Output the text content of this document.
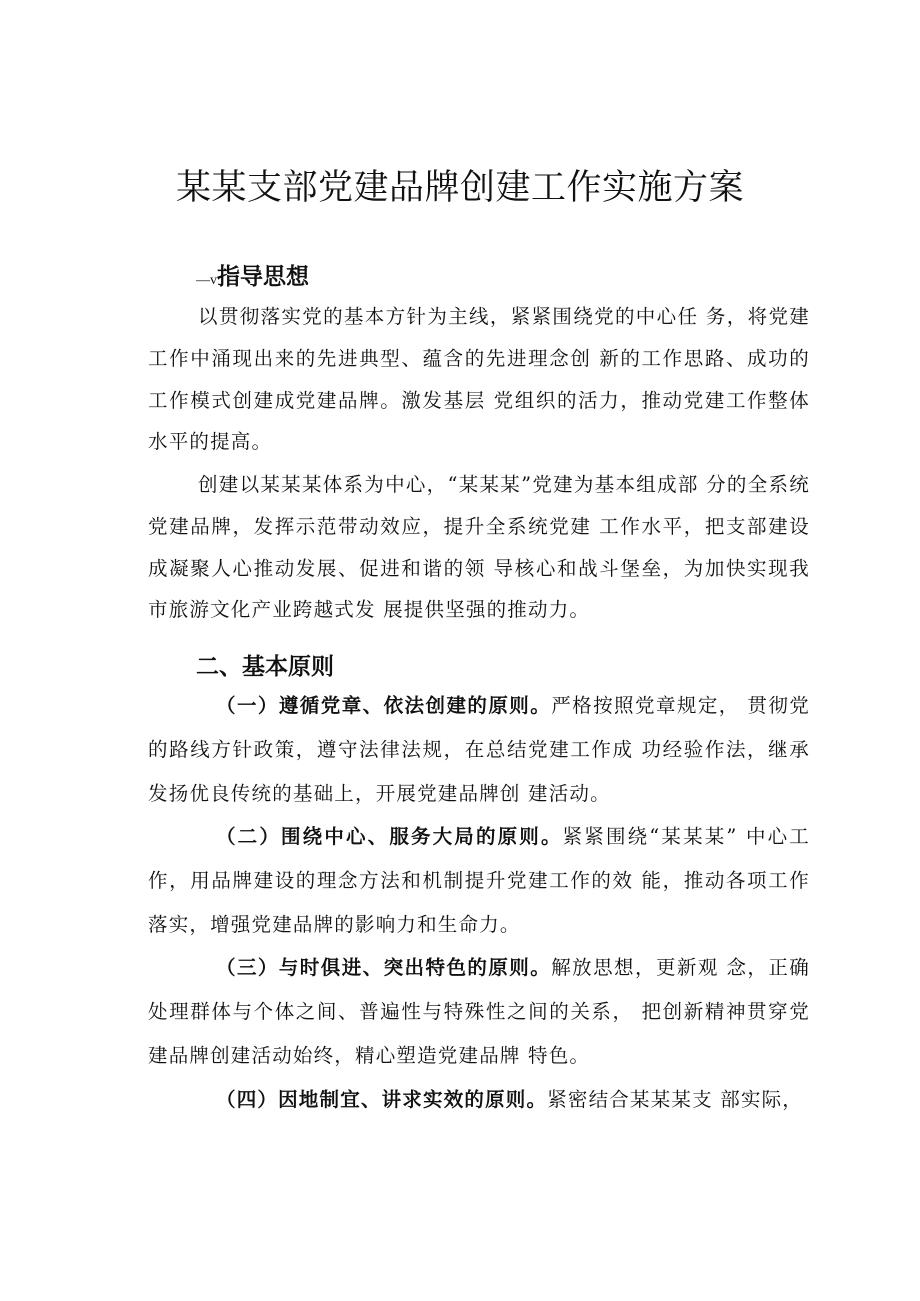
某某支部党建品牌创建工作实施方案
—v指导思想

以贯彻落实党的基本方针为主线，紧紧围绕党的中心任 务，将党建工作中涌现出来的先进典型、蕴含的先进理念创 新的工作思路、成功的工作模式创建成党建品牌。激发基层 党组织的活力，推动党建工作整体水平的提高。

创建以某某某体系为中心，“某某某”党建为基本组成部 分的全系统党建品牌，发挥示范带动效应，提升全系统党建 工作水平，把支部建设成凝聚人心推动发展、促进和谐的领 导核心和战斗堡垒，为加快实现我市旅游文化产业跨越式发 展提供坚强的推动力。

二、基本原则

（一）遵循党章、依法创建的原则。严格按照党章规定， 贯彻党的路线方针政策，遵守法律法规，在总结党建工作成 功经验作法，继承发扬优良传统的基础上，开展党建品牌创 建活动。

（二）围绕中心、服务大局的原则。紧紧围绕“某某某” 中心工作，用品牌建设的理念方法和机制提升党建工作的效 能，推动各项工作落实，增强党建品牌的影响力和生命力。

（三）与时俱进、突出特色的原则。解放思想，更新观 念，正确处理群体与个体之间、普遍性与特殊性之间的关系， 把创新精神贯穿党建品牌创建活动始终，精心塑造党建品牌 特色。

（四）因地制宜、讲求实效的原则。紧密结合某某某支 部实际，
